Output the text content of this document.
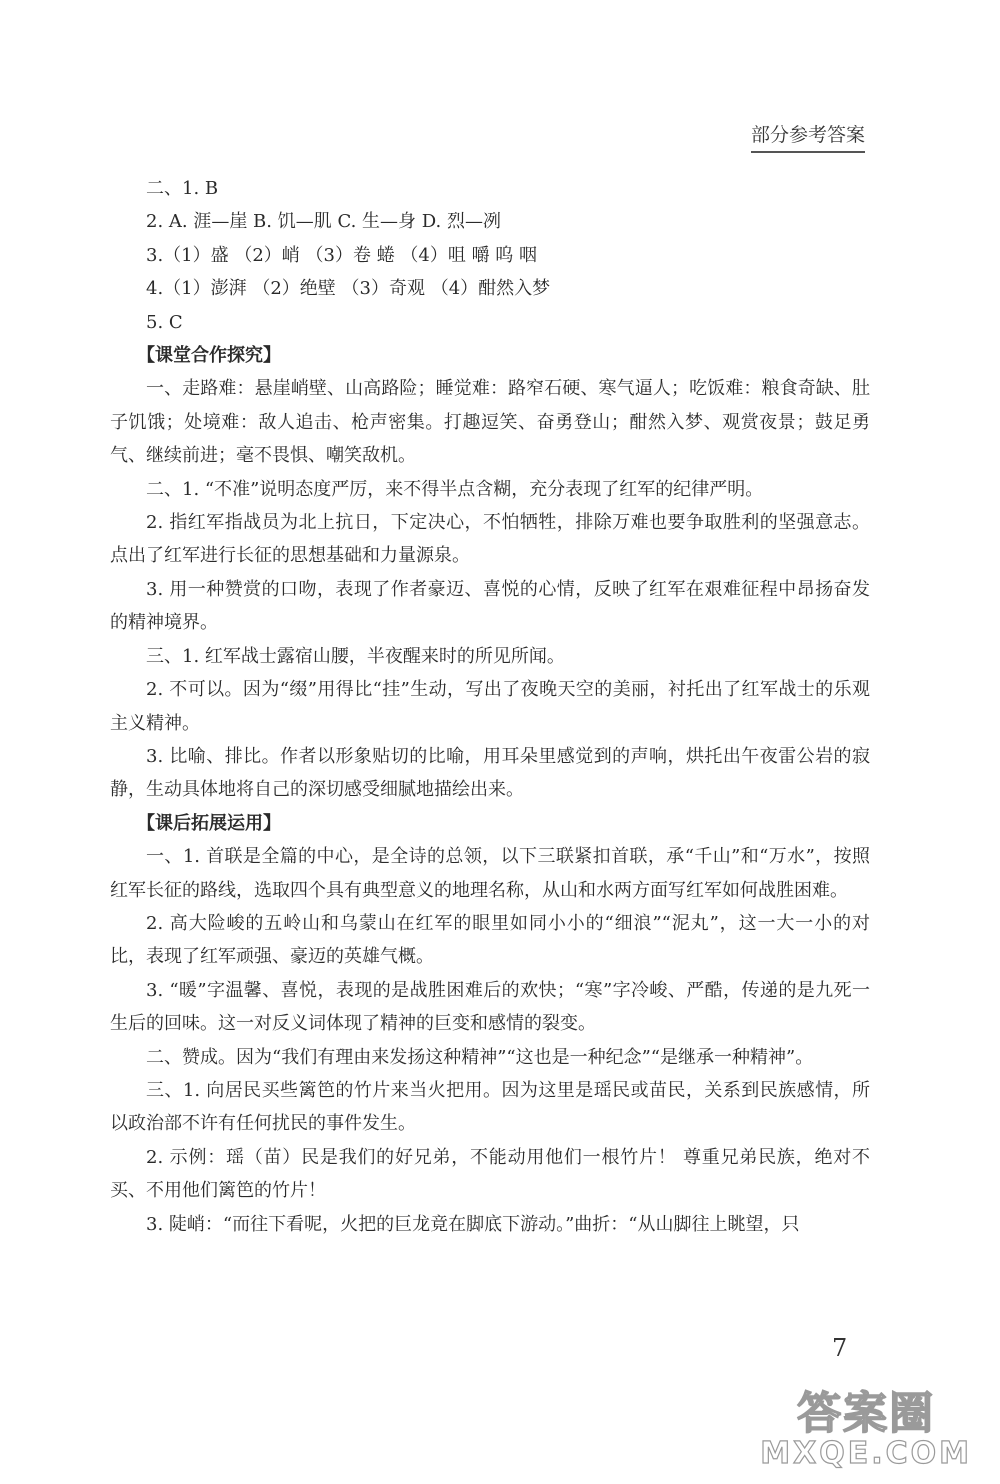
部分参考答案

二、1. B

2. A. 涯—崖 B. 饥—肌 C. 生—身 D. 烈—冽

3.（1）盛 （2）峭 （3）卷 蜷 （4）咀 嚼 呜 咽

4.（1）澎湃 （2）绝壁 （3）奇观 （4）酣然入梦

5. C

【课堂合作探究】

一、走路难：悬崖峭壁、山高路险；睡觉难：路窄石硬、寒气逼人；吃饭难：粮食奇缺、肚子饥饿；处境难：敌人追击、枪声密集。打趣逗笑、奋勇登山；酣然入梦、观赏夜景；鼓足勇气、继续前进；毫不畏惧、嘲笑敌机。

二、1. “不准”说明态度严厉，来不得半点含糊，充分表现了红军的纪律严明。

2. 指红军指战员为北上抗日，下定决心，不怕牺牲，排除万难也要争取胜利的坚强意志。点出了红军进行长征的思想基础和力量源泉。

3. 用一种赞赏的口吻，表现了作者豪迈、喜悦的心情，反映了红军在艰难征程中昂扬奋发的精神境界。

三、1. 红军战士露宿山腰，半夜醒来时的所见所闻。

2. 不可以。因为“缀”用得比“挂”生动，写出了夜晚天空的美丽，衬托出了红军战士的乐观主义精神。

3. 比喻、排比。作者以形象贴切的比喻，用耳朵里感觉到的声响，烘托出午夜雷公岩的寂静，生动具体地将自己的深切感受细腻地描绘出来。

【课后拓展运用】

一、1. 首联是全篇的中心，是全诗的总领，以下三联紧扣首联，承“千山”和“万水”，按照红军长征的路线，选取四个具有典型意义的地理名称，从山和水两方面写红军如何战胜困难。

2. 高大险峻的五岭山和乌蒙山在红军的眼里如同小小的“细浪”“泥丸”，这一大一小的对比，表现了红军顽强、豪迈的英雄气概。

3. “暖”字温馨、喜悦，表现的是战胜困难后的欢快；“寒”字冷峻、严酷，传递的是九死一生后的回味。这一对反义词体现了精神的巨变和感情的裂变。

二、赞成。因为“我们有理由来发扬这种精神”“这也是一种纪念”“是继承一种精神”。

三、1. 向居民买些篱笆的竹片来当火把用。因为这里是瑶民或苗民，关系到民族感情，所以政治部不许有任何扰民的事件发生。

2. 示例：瑶（苗）民是我们的好兄弟，不能动用他们一根竹片！ 尊重兄弟民族，绝对不买、不用他们篱笆的竹片！

3. 陡峭：“而往下看呢，火把的巨龙竟在脚底下游动。”曲折：“从山脚往上眺望，只

7
答案圈
MXQE.COM
